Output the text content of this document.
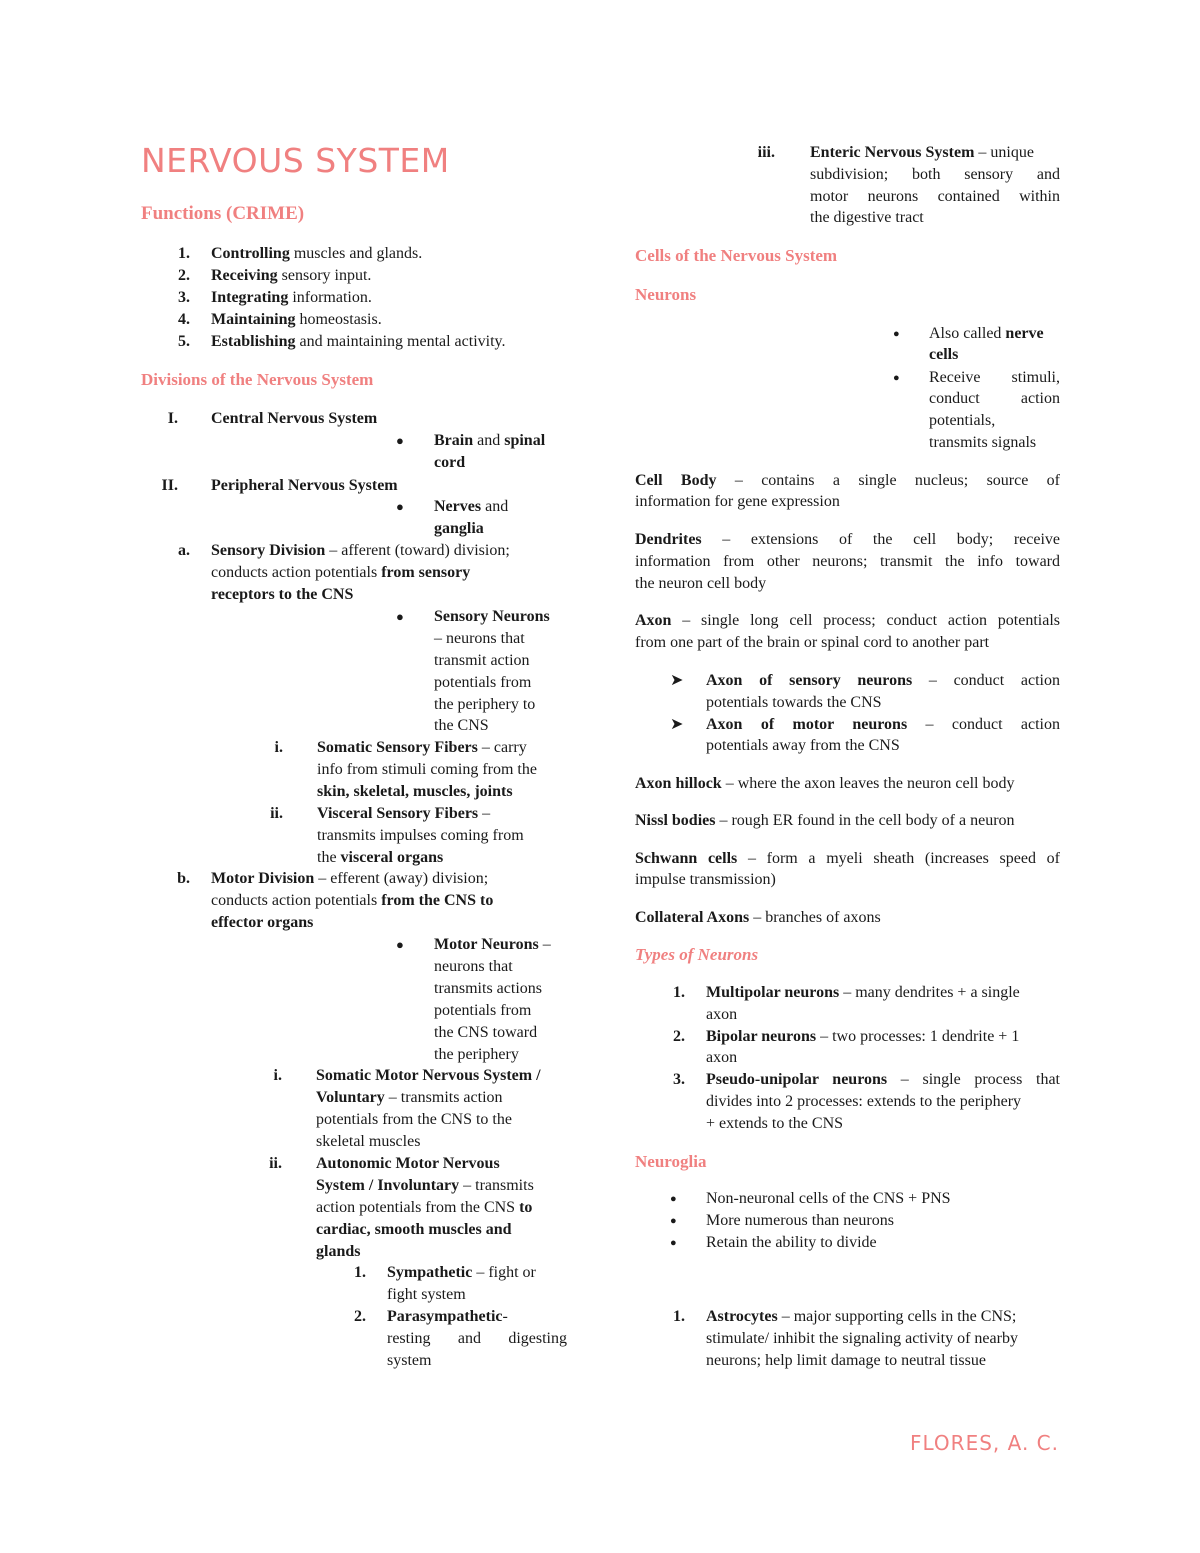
NERVOUS SYSTEM
Functions (CRIME)
1. Controlling muscles and glands.
2. Receiving sensory input.
3. Integrating information.
4. Maintaining homeostasis.
5. Establishing and maintaining mental activity.
Divisions of the Nervous System
I. Central Nervous System
● Brain and spinal
cord
II. Peripheral Nervous System
● Nerves and
ganglia
a. Sensory Division – afferent (toward) division;
conducts action potentials from sensory
receptors to the CNS
● Sensory Neurons
– neurons that
transmit action
potentials from
the periphery to
the CNS
i. Somatic Sensory Fibers – carry
info from stimuli coming from the
skin, skeletal, muscles, joints
ii. Visceral Sensory Fibers –
transmits impulses coming from
the visceral organs
b. Motor Division – efferent (away) division;
conducts action potentials from the CNS to
effector organs
● Motor Neurons –
neurons that
transmits actions
potentials from
the CNS toward
the periphery
i. Somatic Motor Nervous System /
Voluntary – transmits action
potentials from the CNS to the
skeletal muscles
ii. Autonomic Motor Nervous
System / Involuntary – transmits
action potentials from the CNS to
cardiac, smooth muscles and
glands
1. Sympathetic – fight or
fight system
2. Parasympathetic-
resting and digesting
system
iii. Enteric Nervous System – unique
subdivision; both sensory and
motor neurons contained within
the digestive tract
Cells of the Nervous System
Neurons
● Also called nerve
cells
● Receive stimuli,
conduct action
potentials,
transmits signals
Cell Body – contains a single nucleus; source of
information for gene expression
Dendrites – extensions of the cell body; receive
information from other neurons; transmit the info toward
the neuron cell body
Axon – single long cell process; conduct action potentials
from one part of the brain or spinal cord to another part
➤ Axon of sensory neurons – conduct action
potentials towards the CNS
➤ Axon of motor neurons – conduct action
potentials away from the CNS
Axon hillock – where the axon leaves the neuron cell body
Nissl bodies – rough ER found in the cell body of a neuron
Schwann cells – form a myeli sheath (increases speed of
impulse transmission)
Collateral Axons – branches of axons
Types of Neurons
1. Multipolar neurons – many dendrites + a single
axon
2. Bipolar neurons – two processes: 1 dendrite + 1
axon
3. Pseudo-unipolar neurons – single process that
divides into 2 processes: extends to the periphery
+ extends to the CNS
Neuroglia
● Non-neuronal cells of the CNS + PNS
● More numerous than neurons
● Retain the ability to divide
1. Astrocytes – major supporting cells in the CNS;
stimulate/ inhibit the signaling activity of nearby
neurons; help limit damage to neutral tissue
FLORES, A. C.
